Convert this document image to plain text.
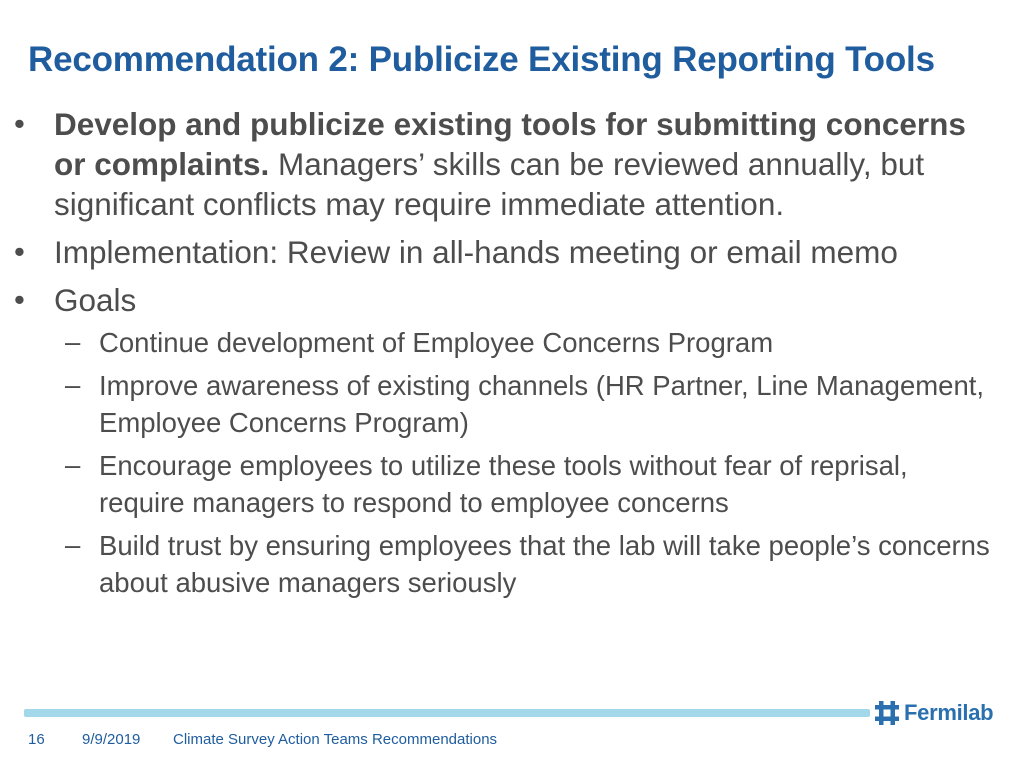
Recommendation 2: Publicize Existing Reporting Tools
• Develop and publicize existing tools for submitting concerns or complaints. Managers’ skills can be reviewed annually, but significant conflicts may require immediate attention.
• Implementation: Review in all-hands meeting or email memo
• Goals
– Continue development of Employee Concerns Program
– Improve awareness of existing channels (HR Partner, Line Management, Employee Concerns Program)
– Encourage employees to utilize these tools without fear of reprisal, require managers to respond to employee concerns
– Build trust by ensuring employees that the lab will take people’s concerns about abusive managers seriously
Fermilab
16 9/9/2019 Climate Survey Action Teams Recommendations
